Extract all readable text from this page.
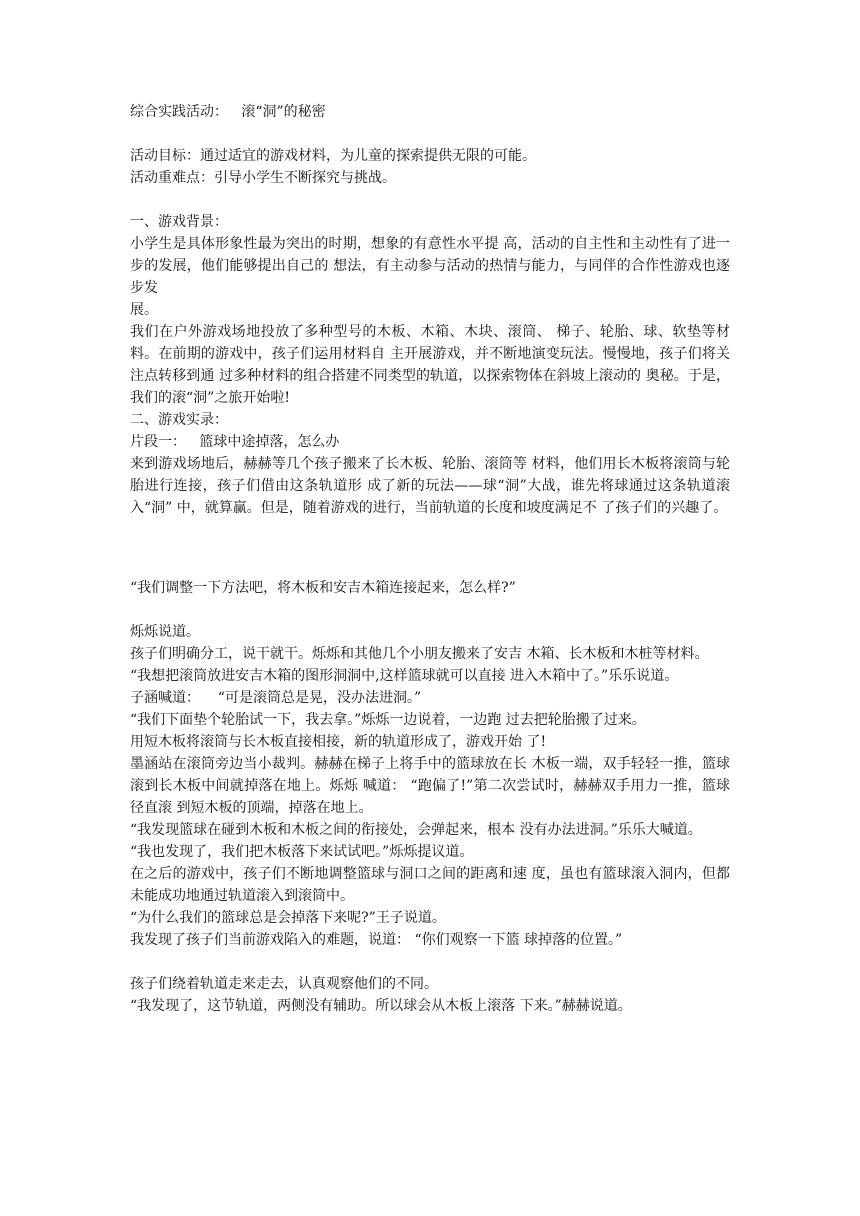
综合实践活动：   滚“洞”的秘密
活动目标：通过适宜的游戏材料，为儿童的探索提供无限的可能。
活动重难点：引导小学生不断探究与挑战。
一、游戏背景：
小学生是具体形象性最为突出的时期，想象的有意性水平提 高，活动的自主性和主动性有了进一步的发展，他们能够提出自己的 想法，有主动参与活动的热情与能力，与同伴的合作性游戏也逐步发
展。
我们在户外游戏场地投放了多种型号的木板、木箱、木块、滚筒、 梯子、轮胎、球、软垫等材料。在前期的游戏中，孩子们运用材料自 主开展游戏，并不断地演变玩法。慢慢地，孩子们将关注点转移到通 过多种材料的组合搭建不同类型的轨道，以探索物体在斜坡上滚动的 奥秘。于是，我们的滚“洞”之旅开始啦!
二、游戏实录：
片段一：   篮球中途掉落，怎么办
来到游戏场地后，赫赫等几个孩子搬来了长木板、轮胎、滚筒等 材料，他们用长木板将滚筒与轮胎进行连接，孩子们借由这条轨道形 成了新的玩法——球“洞”大战，谁先将球通过这条轨道滚入“洞” 中，就算赢。但是，随着游戏的进行，当前轨道的长度和坡度满足不 了孩子们的兴趣了。
“我们调整一下方法吧，将木板和安吉木箱连接起来，怎么样?”
烁烁说道。
孩子们明确分工，说干就干。烁烁和其他几个小朋友搬来了安吉 木箱、长木板和木桩等材料。
“我想把滚筒放进安吉木箱的图形洞洞中,这样篮球就可以直接 进入木箱中了。”乐乐说道。
子涵喊道：    “可是滚筒总是晃，没办法进洞。”
“我们下面垫个轮胎试一下，我去拿。”烁烁一边说着，一边跑 过去把轮胎搬了过来。
用短木板将滚筒与长木板直接相接，新的轨道形成了，游戏开始 了!
墨涵站在滚筒旁边当小裁判。赫赫在梯子上将手中的篮球放在长 木板一端，双手轻轻一推，篮球滚到长木板中间就掉落在地上。烁烁 喊道： “跑偏了!”第二次尝试时，赫赫双手用力一推，篮球径直滚 到短木板的顶端，掉落在地上。
“我发现篮球在碰到木板和木板之间的衔接处，会弹起来，根本 没有办法进洞。”乐乐大喊道。
“我也发现了，我们把木板落下来试试吧。”烁烁提议道。
在之后的游戏中，孩子们不断地调整篮球与洞口之间的距离和速 度，虽也有篮球滚入洞内，但都未能成功地通过轨道滚入到滚筒中。
“为什么我们的篮球总是会掉落下来呢?”王子说道。
我发现了孩子们当前游戏陷入的难题，说道： “你们观察一下篮 球掉落的位置。”
孩子们绕着轨道走来走去，认真观察他们的不同。
“我发现了，这节轨道，两侧没有辅助。所以球会从木板上滚落 下来。”赫赫说道。
